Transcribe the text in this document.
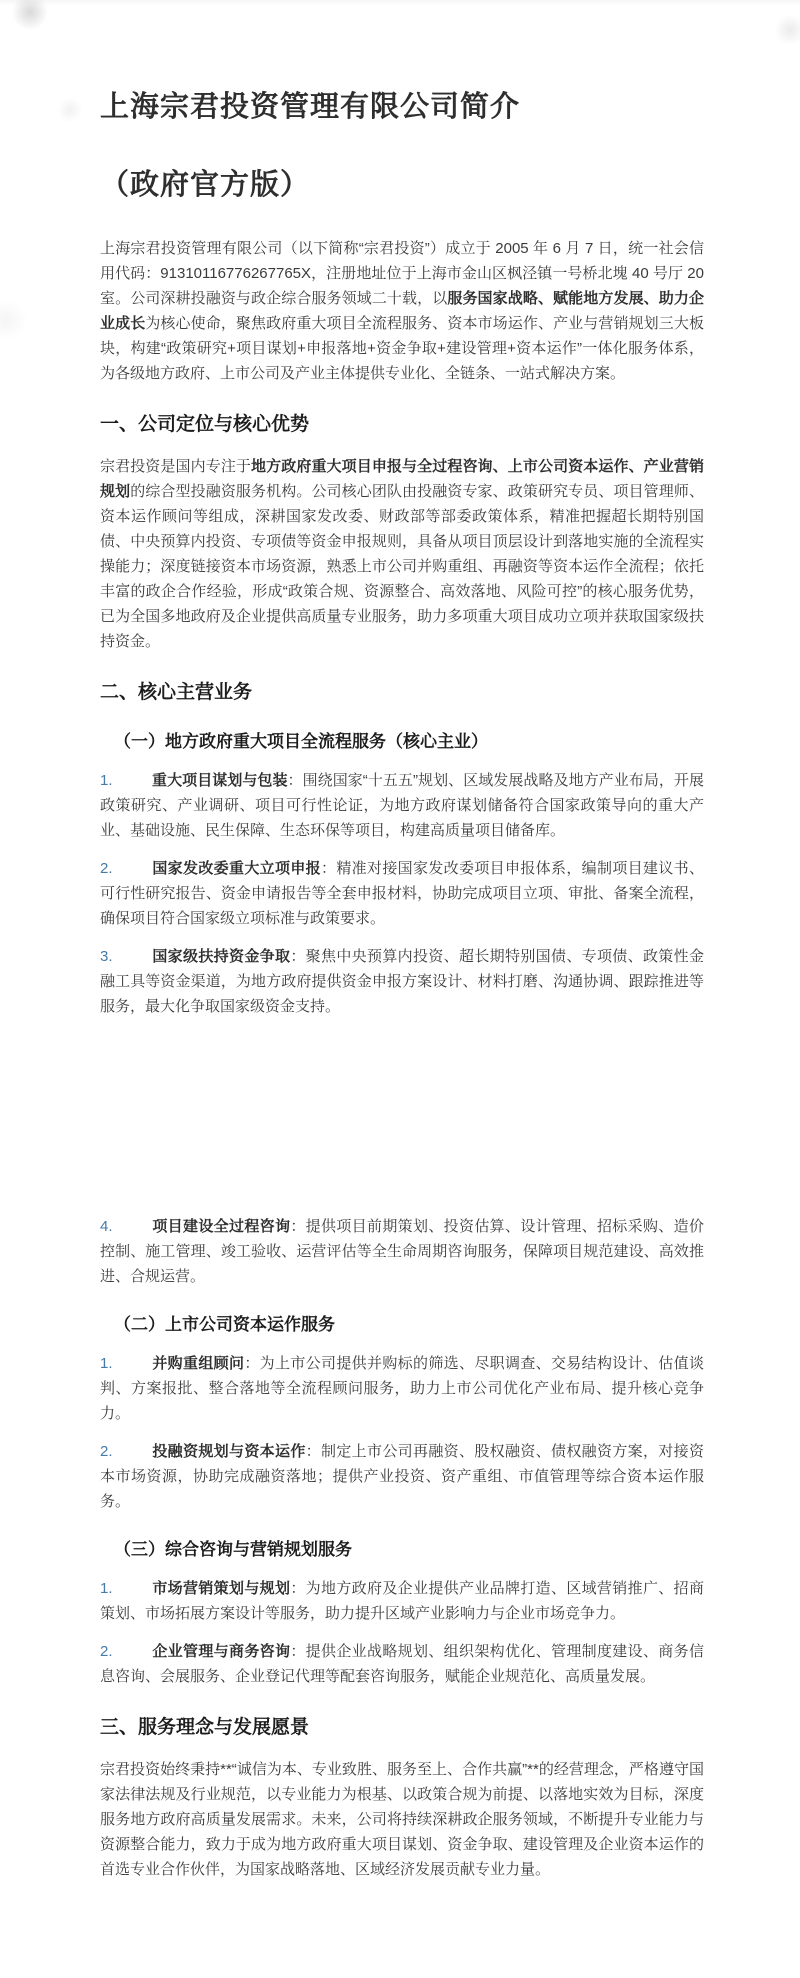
上海宗君投资管理有限公司简介
（政府官方版）

上海宗君投资管理有限公司（以下简称“宗君投资”）成立于 2005 年 6 月 7 日，统一社会信用代码：91310116776267765X，注册地址位于上海市金山区枫泾镇一号桥北塊 40 号厅 20 室。公司深耕投融资与政企综合服务领域二十载，以服务国家战略、赋能地方发展、助力企业成长为核心使命，聚焦政府重大项目全流程服务、资本市场运作、产业与营销规划三大板块，构建“政策研究+项目谋划+申报落地+资金争取+建设管理+资本运作”一体化服务体系，为各级地方政府、上市公司及产业主体提供专业化、全链条、一站式解决方案。

一、公司定位与核心优势

宗君投资是国内专注于地方政府重大项目申报与全过程咨询、上市公司资本运作、产业营销规划的综合型投融资服务机构。公司核心团队由投融资专家、政策研究专员、项目管理师、资本运作顾问等组成，深耕国家发改委、财政部等部委政策体系，精准把握超长期特别国债、中央预算内投资、专项债等资金申报规则，具备从项目顶层设计到落地实施的全流程实操能力；深度链接资本市场资源，熟悉上市公司并购重组、再融资等资本运作全流程；依托丰富的政企合作经验，形成“政策合规、资源整合、高效落地、风险可控”的核心服务优势，已为全国多地政府及企业提供高质量专业服务，助力多项重大项目成功立项并获取国家级扶持资金。

二、核心主营业务
（一）地方政府重大项目全流程服务（核心主业）

1.	重大项目谋划与包装：围绕国家“十五五”规划、区域发展战略及地方产业布局，开展政策研究、产业调研、项目可行性论证，为地方政府谋划储备符合国家政策导向的重大产业、基础设施、民生保障、生态环保等项目，构建高质量项目储备库。

2.	国家发改委重大立项申报：精准对接国家发改委项目申报体系，编制项目建议书、可行性研究报告、资金申请报告等全套申报材料，协助完成项目立项、审批、备案全流程，确保项目符合国家级立项标准与政策要求。

3.	国家级扶持资金争取：聚焦中央预算内投资、超长期特别国债、专项债、政策性金融工具等资金渠道，为地方政府提供资金申报方案设计、材料打磨、沟通协调、跟踪推进等服务，最大化争取国家级资金支持。

4.	项目建设全过程咨询：提供项目前期策划、投资估算、设计管理、招标采购、造价控制、施工管理、竣工验收、运营评估等全生命周期咨询服务，保障项目规范建设、高效推进、合规运营。

（二）上市公司资本运作服务

1.	并购重组顾问：为上市公司提供并购标的筛选、尽职调查、交易结构设计、估值谈判、方案报批、整合落地等全流程顾问服务，助力上市公司优化产业布局、提升核心竞争力。

2.	投融资规划与资本运作：制定上市公司再融资、股权融资、债权融资方案，对接资本市场资源，协助完成融资落地；提供产业投资、资产重组、市值管理等综合资本运作服务。

（三）综合咨询与营销规划服务

1.	市场营销策划与规划：为地方政府及企业提供产业品牌打造、区域营销推广、招商策划、市场拓展方案设计等服务，助力提升区域产业影响力与企业市场竞争力。

2.	企业管理与商务咨询：提供企业战略规划、组织架构优化、管理制度建设、商务信息咨询、会展服务、企业登记代理等配套咨询服务，赋能企业规范化、高质量发展。

三、服务理念与发展愿景

宗君投资始终秉持**“诚信为本、专业致胜、服务至上、合作共赢”**的经营理念，严格遵守国家法律法规及行业规范，以专业能力为根基、以政策合规为前提、以落地实效为目标，深度服务地方政府高质量发展需求。未来，公司将持续深耕政企服务领域，不断提升专业能力与资源整合能力，致力于成为地方政府重大项目谋划、资金争取、建设管理及企业资本运作的首选专业合作伙伴，为国家战略落地、区域经济发展贡献专业力量。
